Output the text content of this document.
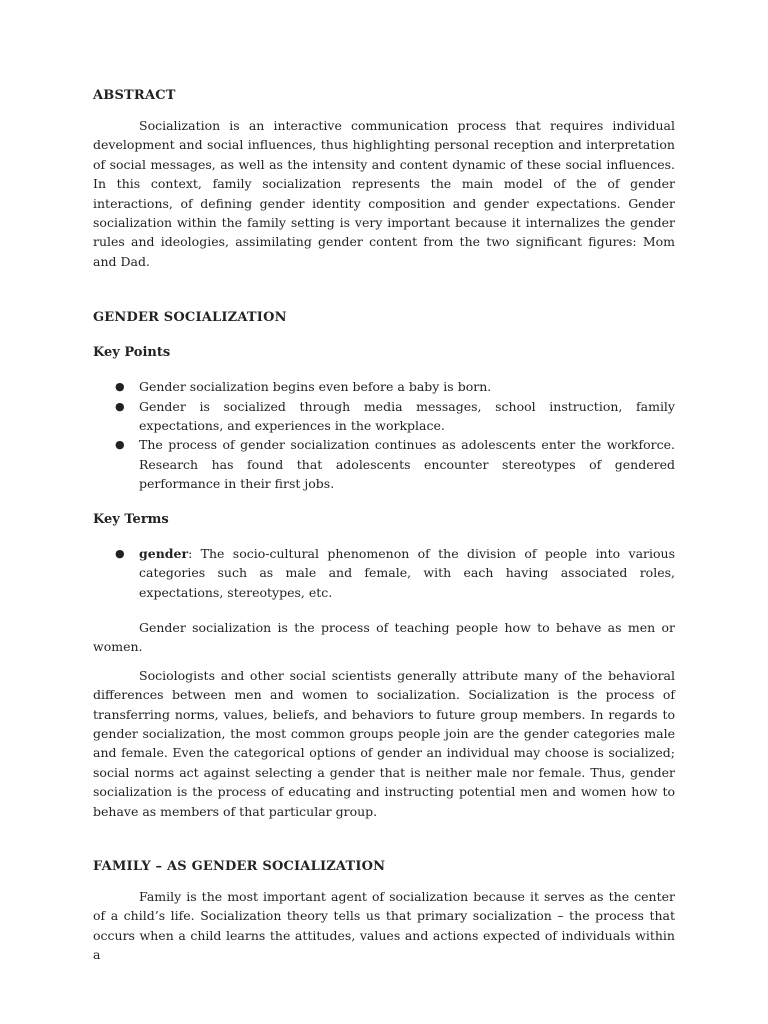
ABSTRACT

Socialization is an interactive communication process that requires individual development and social influences, thus highlighting personal reception and interpretation of social messages, as well as the intensity and content dynamic of these social influences. In this context, family socialization represents the main model of the of gender interactions, of defining gender identity composition and gender expectations. Gender socialization within the family setting is very important because it internalizes the gender rules and ideologies, assimilating gender content from the two significant figures: Mom and Dad.

GENDER SOCIALIZATION
Key Points
● Gender socialization begins even before a baby is born.
● Gender is socialized through media messages, school instruction, family expectations, and experiences in the workplace.
● The process of gender socialization continues as adolescents enter the workforce. Research has found that adolescents encounter stereotypes of gendered performance in their first jobs.
Key Terms
● gender: The socio-cultural phenomenon of the division of people into various categories such as male and female, with each having associated roles, expectations, stereotypes, etc.

Gender socialization is the process of teaching people how to behave as men or women.

Sociologists and other social scientists generally attribute many of the behavioral differences between men and women to socialization. Socialization is the process of transferring norms, values, beliefs, and behaviors to future group members. In regards to gender socialization, the most common groups people join are the gender categories male and female. Even the categorical options of gender an individual may choose is socialized; social norms act against selecting a gender that is neither male nor female. Thus, gender socialization is the process of educating and instructing potential men and women how to behave as members of that particular group.

FAMILY – AS GENDER SOCIALIZATION

Family is the most important agent of socialization because it serves as the center of a child’s life. Socialization theory tells us that primary socialization – the process that occurs when a child learns the attitudes, values and actions expected of individuals within a
